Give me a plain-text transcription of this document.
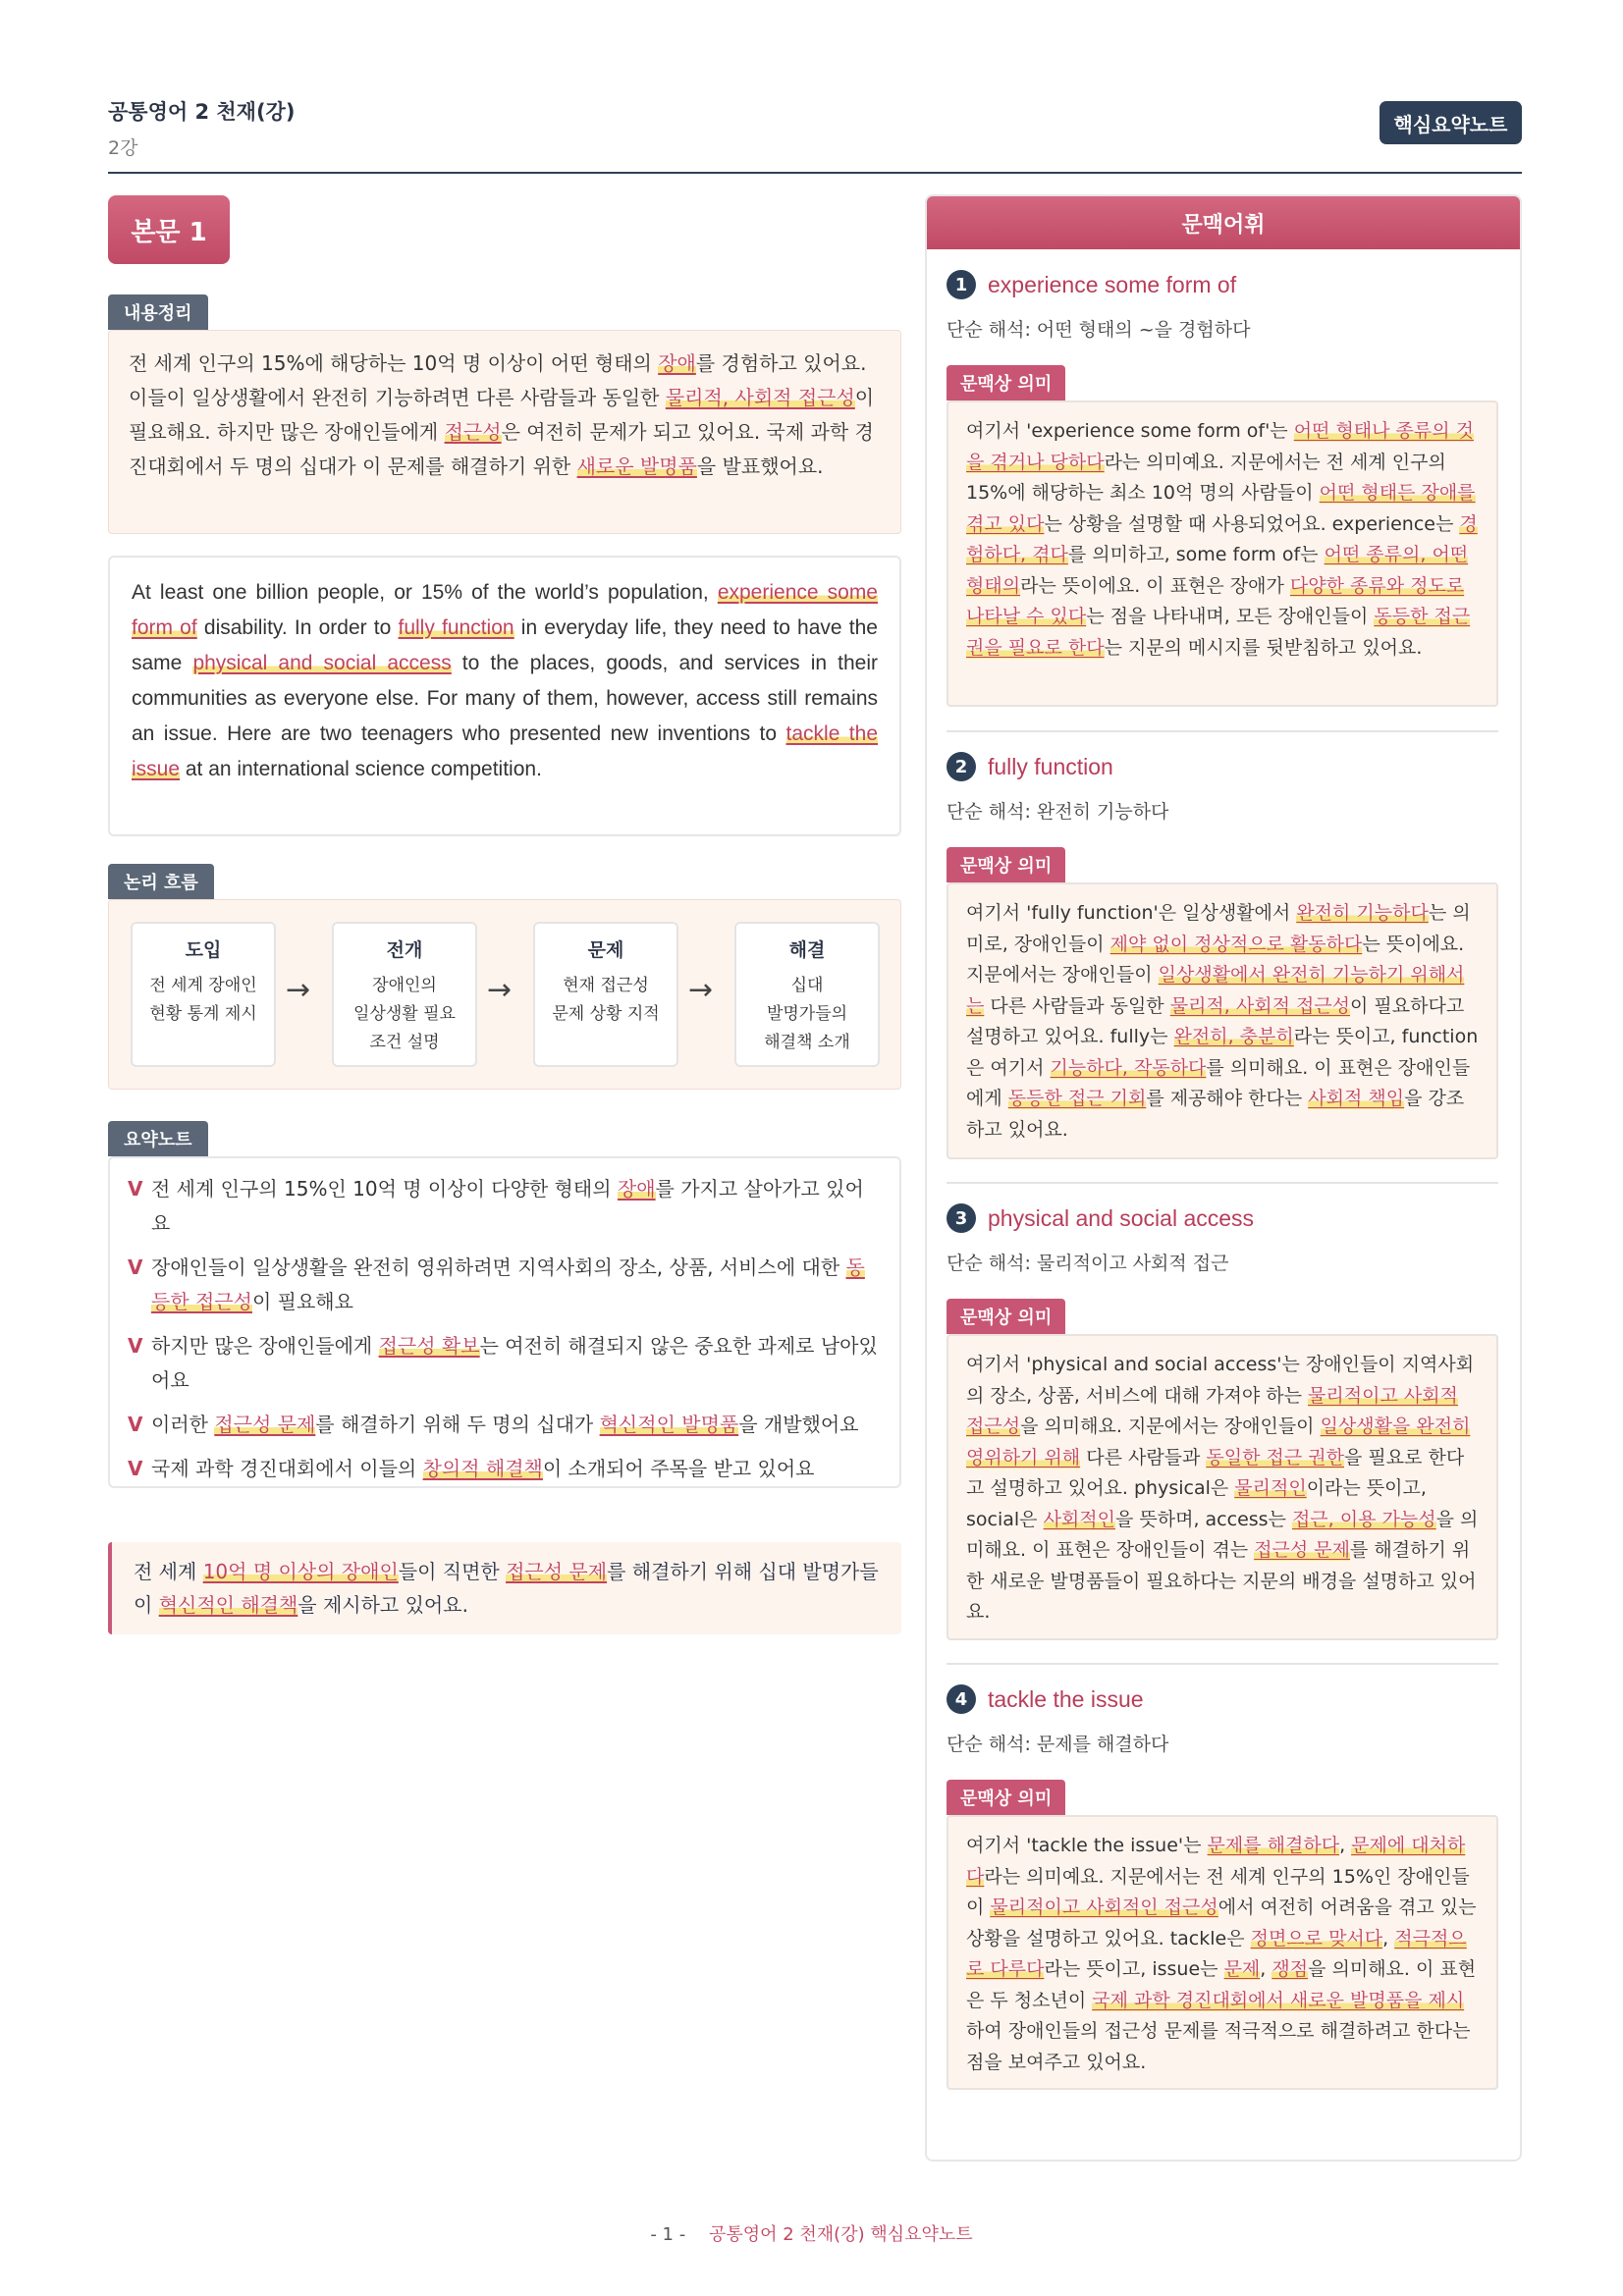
공통영어 2 천재(강)
2강
핵심요약노트
본문 1
내용정리
전 세계 인구의 15%에 해당하는 10억 명 이상이 어떤 형태의 장애를 경험하고 있어요. 이들이 일상생활에서 완전히 기능하려면 다른 사람들과 동일한 물리적, 사회적 접근성이 필요해요. 하지만 많은 장애인들에게 접근성은 여전히 문제가 되고 있어요. 국제 과학 경진대회에서 두 명의 십대가 이 문제를 해결하기 위한 새로운 발명품을 발표했어요.
At least one billion people, or 15% of the world’s population, experience some form of disability. In order to fully function in everyday life, they need to have the same physical and social access to the places, goods, and services in their communities as everyone else. For many of them, however, access still remains an issue. Here are two teenagers who presented new inventions to tackle the issue at an international science competition.
논리 흐름
도입
전 세계 장애인
현황 통계 제시
→
전개
장애인의
일상생활 필요
조건 설명
→
문제
현재 접근성
문제 상황 지적
→
해결
십대
발명가들의
해결책 소개
요약노트
V 전 세계 인구의 15%인 10억 명 이상이 다양한 형태의 장애를 가지고 살아가고 있어요
V 장애인들이 일상생활을 완전히 영위하려면 지역사회의 장소, 상품, 서비스에 대한 동등한 접근성이 필요해요
V 하지만 많은 장애인들에게 접근성 확보는 여전히 해결되지 않은 중요한 과제로 남아있어요
V 이러한 접근성 문제를 해결하기 위해 두 명의 십대가 혁신적인 발명품을 개발했어요
V 국제 과학 경진대회에서 이들의 창의적 해결책이 소개되어 주목을 받고 있어요
전 세계 10억 명 이상의 장애인들이 직면한 접근성 문제를 해결하기 위해 십대 발명가들이 혁신적인 해결책을 제시하고 있어요.
문맥어휘
1 experience some form of
단순 해석: 어떤 형태의 ~을 경험하다
문맥상 의미
여기서 'experience some form of'는 어떤 형태나 종류의 것을 겪거나 당하다라는 의미예요. 지문에서는 전 세계 인구의 15%에 해당하는 최소 10억 명의 사람들이 어떤 형태든 장애를 겪고 있다는 상황을 설명할 때 사용되었어요. experience는 경험하다, 겪다를 의미하고, some form of는 어떤 종류의, 어떤 형태의라는 뜻이에요. 이 표현은 장애가 다양한 종류와 정도로 나타날 수 있다는 점을 나타내며, 모든 장애인들이 동등한 접근권을 필요로 한다는 지문의 메시지를 뒷받침하고 있어요.
2 fully function
단순 해석: 완전히 기능하다
문맥상 의미
여기서 'fully function'은 일상생활에서 완전히 기능하다는 의미로, 장애인들이 제약 없이 정상적으로 활동하다는 뜻이에요. 지문에서는 장애인들이 일상생활에서 완전히 기능하기 위해서는 다른 사람들과 동일한 물리적, 사회적 접근성이 필요하다고 설명하고 있어요. fully는 완전히, 충분히라는 뜻이고, function은 여기서 기능하다, 작동하다를 의미해요. 이 표현은 장애인들에게 동등한 접근 기회를 제공해야 한다는 사회적 책임을 강조하고 있어요.
3 physical and social access
단순 해석: 물리적이고 사회적 접근
문맥상 의미
여기서 'physical and social access'는 장애인들이 지역사회의 장소, 상품, 서비스에 대해 가져야 하는 물리적이고 사회적 접근성을 의미해요. 지문에서는 장애인들이 일상생활을 완전히 영위하기 위해 다른 사람들과 동일한 접근 권한을 필요로 한다고 설명하고 있어요. physical은 물리적인이라는 뜻이고, social은 사회적인을 뜻하며, access는 접근, 이용 가능성을 의미해요. 이 표현은 장애인들이 겪는 접근성 문제를 해결하기 위한 새로운 발명품들이 필요하다는 지문의 배경을 설명하고 있어요.
4 tackle the issue
단순 해석: 문제를 해결하다
문맥상 의미
여기서 'tackle the issue'는 문제를 해결하다, 문제에 대처하다라는 의미예요. 지문에서는 전 세계 인구의 15%인 장애인들이 물리적이고 사회적인 접근성에서 여전히 어려움을 겪고 있는 상황을 설명하고 있어요. tackle은 정면으로 맞서다, 적극적으로 다루다라는 뜻이고, issue는 문제, 쟁점을 의미해요. 이 표현은 두 청소년이 국제 과학 경진대회에서 새로운 발명품을 제시하여 장애인들의 접근성 문제를 적극적으로 해결하려고 한다는 점을 보여주고 있어요.
- 1 - 공통영어 2 천재(강) 핵심요약노트
